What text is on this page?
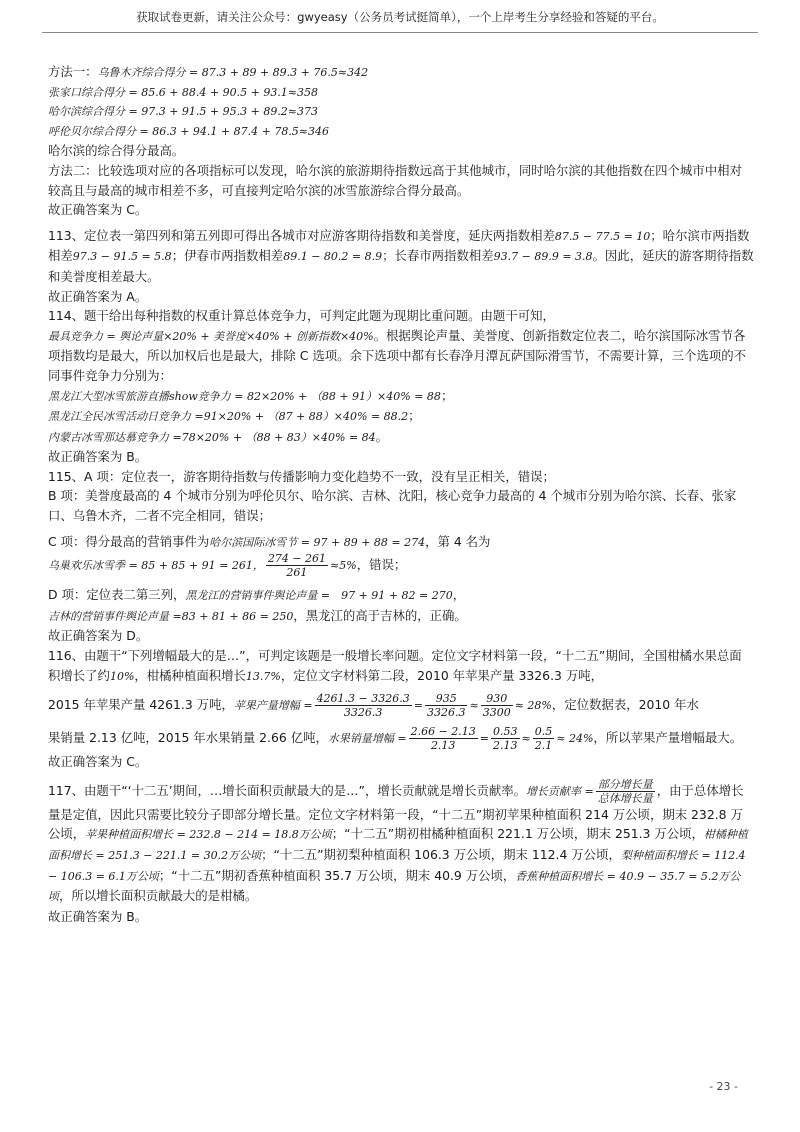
获取试卷更新，请关注公众号：gwyeasy（公务员考试挺简单），一个上岸考生分享经验和答疑的平台。

方法一：乌鲁木齐综合得分 = 87.3 + 89 + 89.3 + 76.5≈342

张家口综合得分 = 85.6 + 88.4 + 90.5 + 93.1≈358

哈尔滨综合得分 = 97.3 + 91.5 + 95.3 + 89.2≈373

呼伦贝尔综合得分 = 86.3 + 94.1 + 87.4 + 78.5≈346

哈尔滨的综合得分最高。

方法二：比较选项对应的各项指标可以发现，哈尔滨的旅游期待指数远高于其他城市，同时哈尔滨的其他指数在四个城市中相对较高且与最高的城市相差不多，可直接判定哈尔滨的冰雪旅游综合得分最高。

故正确答案为 C。

113、定位表一第四列和第五列即可得出各城市对应游客期待指数和美誉度，延庆两指数相差87.5 − 77.5 = 10；哈尔滨市两指数相差97.3 − 91.5 = 5.8；伊春市两指数相差89.1 − 80.2 = 8.9；长春市两指数相差93.7 − 89.9 = 3.8。因此，延庆的游客期待指数和美誉度相差最大。

故正确答案为 A。

114、题干给出每种指数的权重计算总体竞争力，可判定此题为现期比重问题。由题干可知，

最具竞争力 = 舆论声量×20% + 美誉度×40% + 创新指数×40%。根据舆论声量、美誉度、创新指数定位表二，哈尔滨国际冰雪节各项指数均是最大，所以加权后也是最大，排除 C 选项。余下选项中都有长春净月潭瓦萨国际滑雪节，不需要计算，三个选项的不同事件竞争力分别为：

黑龙江大型冰雪旅游直播show竞争力 = 82×20% + （88 + 91）×40% = 88；

黑龙江全民冰雪活动日竞争力 =91×20% + （87 + 88）×40% = 88.2；

内蒙古冰雪那达慕竞争力 =78×20% + （88 + 83）×40% = 84。

故正确答案为 B。

115、A 项：定位表一，游客期待指数与传播影响力变化趋势不一致，没有呈正相关，错误；

B 项：美誉度最高的 4 个城市分别为呼伦贝尔、哈尔滨、吉林、沈阳，核心竞争力最高的 4 个城市分别为哈尔滨、长春、张家口、乌鲁木齐，二者不完全相同，错误；

C 项：得分最高的营销事件为哈尔滨国际冰雪节 = 97 + 89 + 88 = 274，第 4 名为

乌巢欢乐冰雪季 = 85 + 85 + 91 = 261， $\frac{274 - 261}{261} \approx 5\%$，错误；

D 项：定位表二第三列，黑龙江的营销事件舆论声量 =　97 + 91 + 82 = 270，

吉林的营销事件舆论声量 =83 + 81 + 86 = 250，黑龙江的高于吉林的，正确。

故正确答案为 D。

116、由题干“下列增幅最大的是…”，可判定该题是一般增长率问题。定位文字材料第一段，“十二五”期间，全国柑橘水果总面积增长了约10%，柑橘种植面积增长13.7%，定位文字材料第二段，2010 年苹果产量 3326.3 万吨，

2015 年苹果产量 4261.3 万吨，苹果产量增幅 = $\frac{4261.3 - 3326.3}{3326.3} = \frac{935}{3326.3} \approx \frac{930}{3300} \approx 28\%$，定位数据表，2010 年水

果销量 2.13 亿吨，2015 年水果销量 2.66 亿吨，水果销量增幅 = $\frac{2.66 - 2.13}{2.13} = \frac{0.53}{2.13} \approx \frac{0.5}{2.1} \approx 24\%$，所以苹果产量增幅最大。

故正确答案为 C。

117、由题干“‘十二五’期间，…增长面积贡献最大的是…”，增长贡献就是增长贡献率。增长贡献率 = $\frac{\text{部分增长量}}{\text{总体增长量}}$ ，由于总体增长量是定值，因此只需要比较分子即部分增长量。定位文字材料第一段，“十二五”期初苹果种植面积 214 万公顷，期末 232.8 万公顷，苹果种植面积增长 = 232.8 − 214 = 18.8万公顷；“十二五”期初柑橘种植面积 221.1 万公顷，期末 251.3 万公顷，柑橘种植面积增长 = 251.3 − 221.1 = 30.2万公顷；“十二五”期初梨种植面积 106.3 万公顷，期末 112.4 万公顷，梨种植面积增长 = 112.4 − 106.3 = 6.1万公顷；“十二五”期初香蕉种植面积 35.7 万公顷，期末 40.9 万公顷，香蕉种植面积增长 = 40.9 − 35.7 = 5.2万公顷，所以增长面积贡献最大的是柑橘。

故正确答案为 B。

- 23 -
